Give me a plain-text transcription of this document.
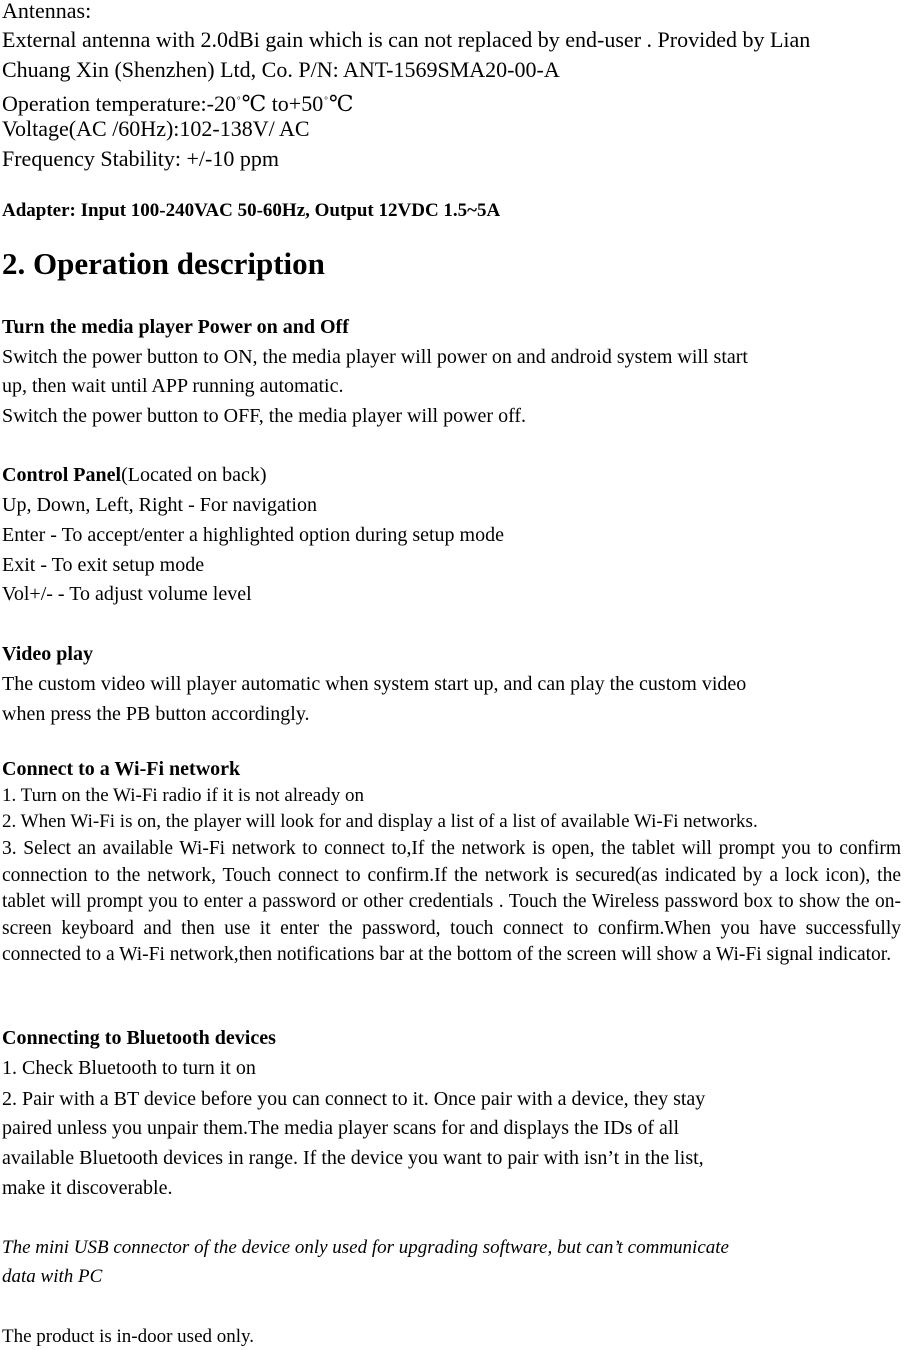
Antennas:
External antenna with 2.0dBi gain which is can not replaced by end-user . Provided by Lian
Chuang Xin (Shenzhen) Ltd, Co. P/N: ANT-1569SMA20-00-A
Operation temperature:-20°℃ to+50°℃
Voltage(AC /60Hz):102-138V/ AC
Frequency Stability: +/-10 ppm
Adapter: Input 100-240VAC 50-60Hz, Output 12VDC 1.5~5A
2. Operation description
Turn the media player Power on and Off
Switch the power button to ON, the media player will power on and android system will start
up, then wait until APP running automatic.
Switch the power button to OFF, the media player will power off.
Control Panel(Located on back)
Up, Down, Left, Right - For navigation
Enter - To accept/enter a highlighted option during setup mode
Exit - To exit setup mode
Vol+/- - To adjust volume level
Video play
The custom video will player automatic when system start up, and can play the custom video
when press the PB button accordingly.
Connect to a Wi-Fi network
1. Turn on the Wi-Fi radio if it is not already on
2. When Wi-Fi is on, the player will look for and display a list of a list of available Wi-Fi networks.
3. Select an available Wi-Fi network to connect to,If the network is open, the tablet will prompt you to confirm connection to the network, Touch connect to confirm.If the network is secured(as indicated by a lock icon), the tablet will prompt you to enter a password or other credentials . Touch the Wireless password box to show the on-screen keyboard and then use it enter the password, touch connect to confirm.When you have successfully connected to a Wi-Fi network,then notifications bar at the bottom of the screen will show a Wi-Fi signal indicator.
Connecting to Bluetooth devices
1. Check Bluetooth to turn it on
2. Pair with a BT device before you can connect to it. Once pair with a device, they stay
paired unless you unpair them.The media player scans for and displays the IDs of all
available Bluetooth devices in range. If the device you want to pair with isn’t in the list,
make it discoverable.
The mini USB connector of the device only used for upgrading software, but can’t communicate
data with PC
The product is in-door used only.
